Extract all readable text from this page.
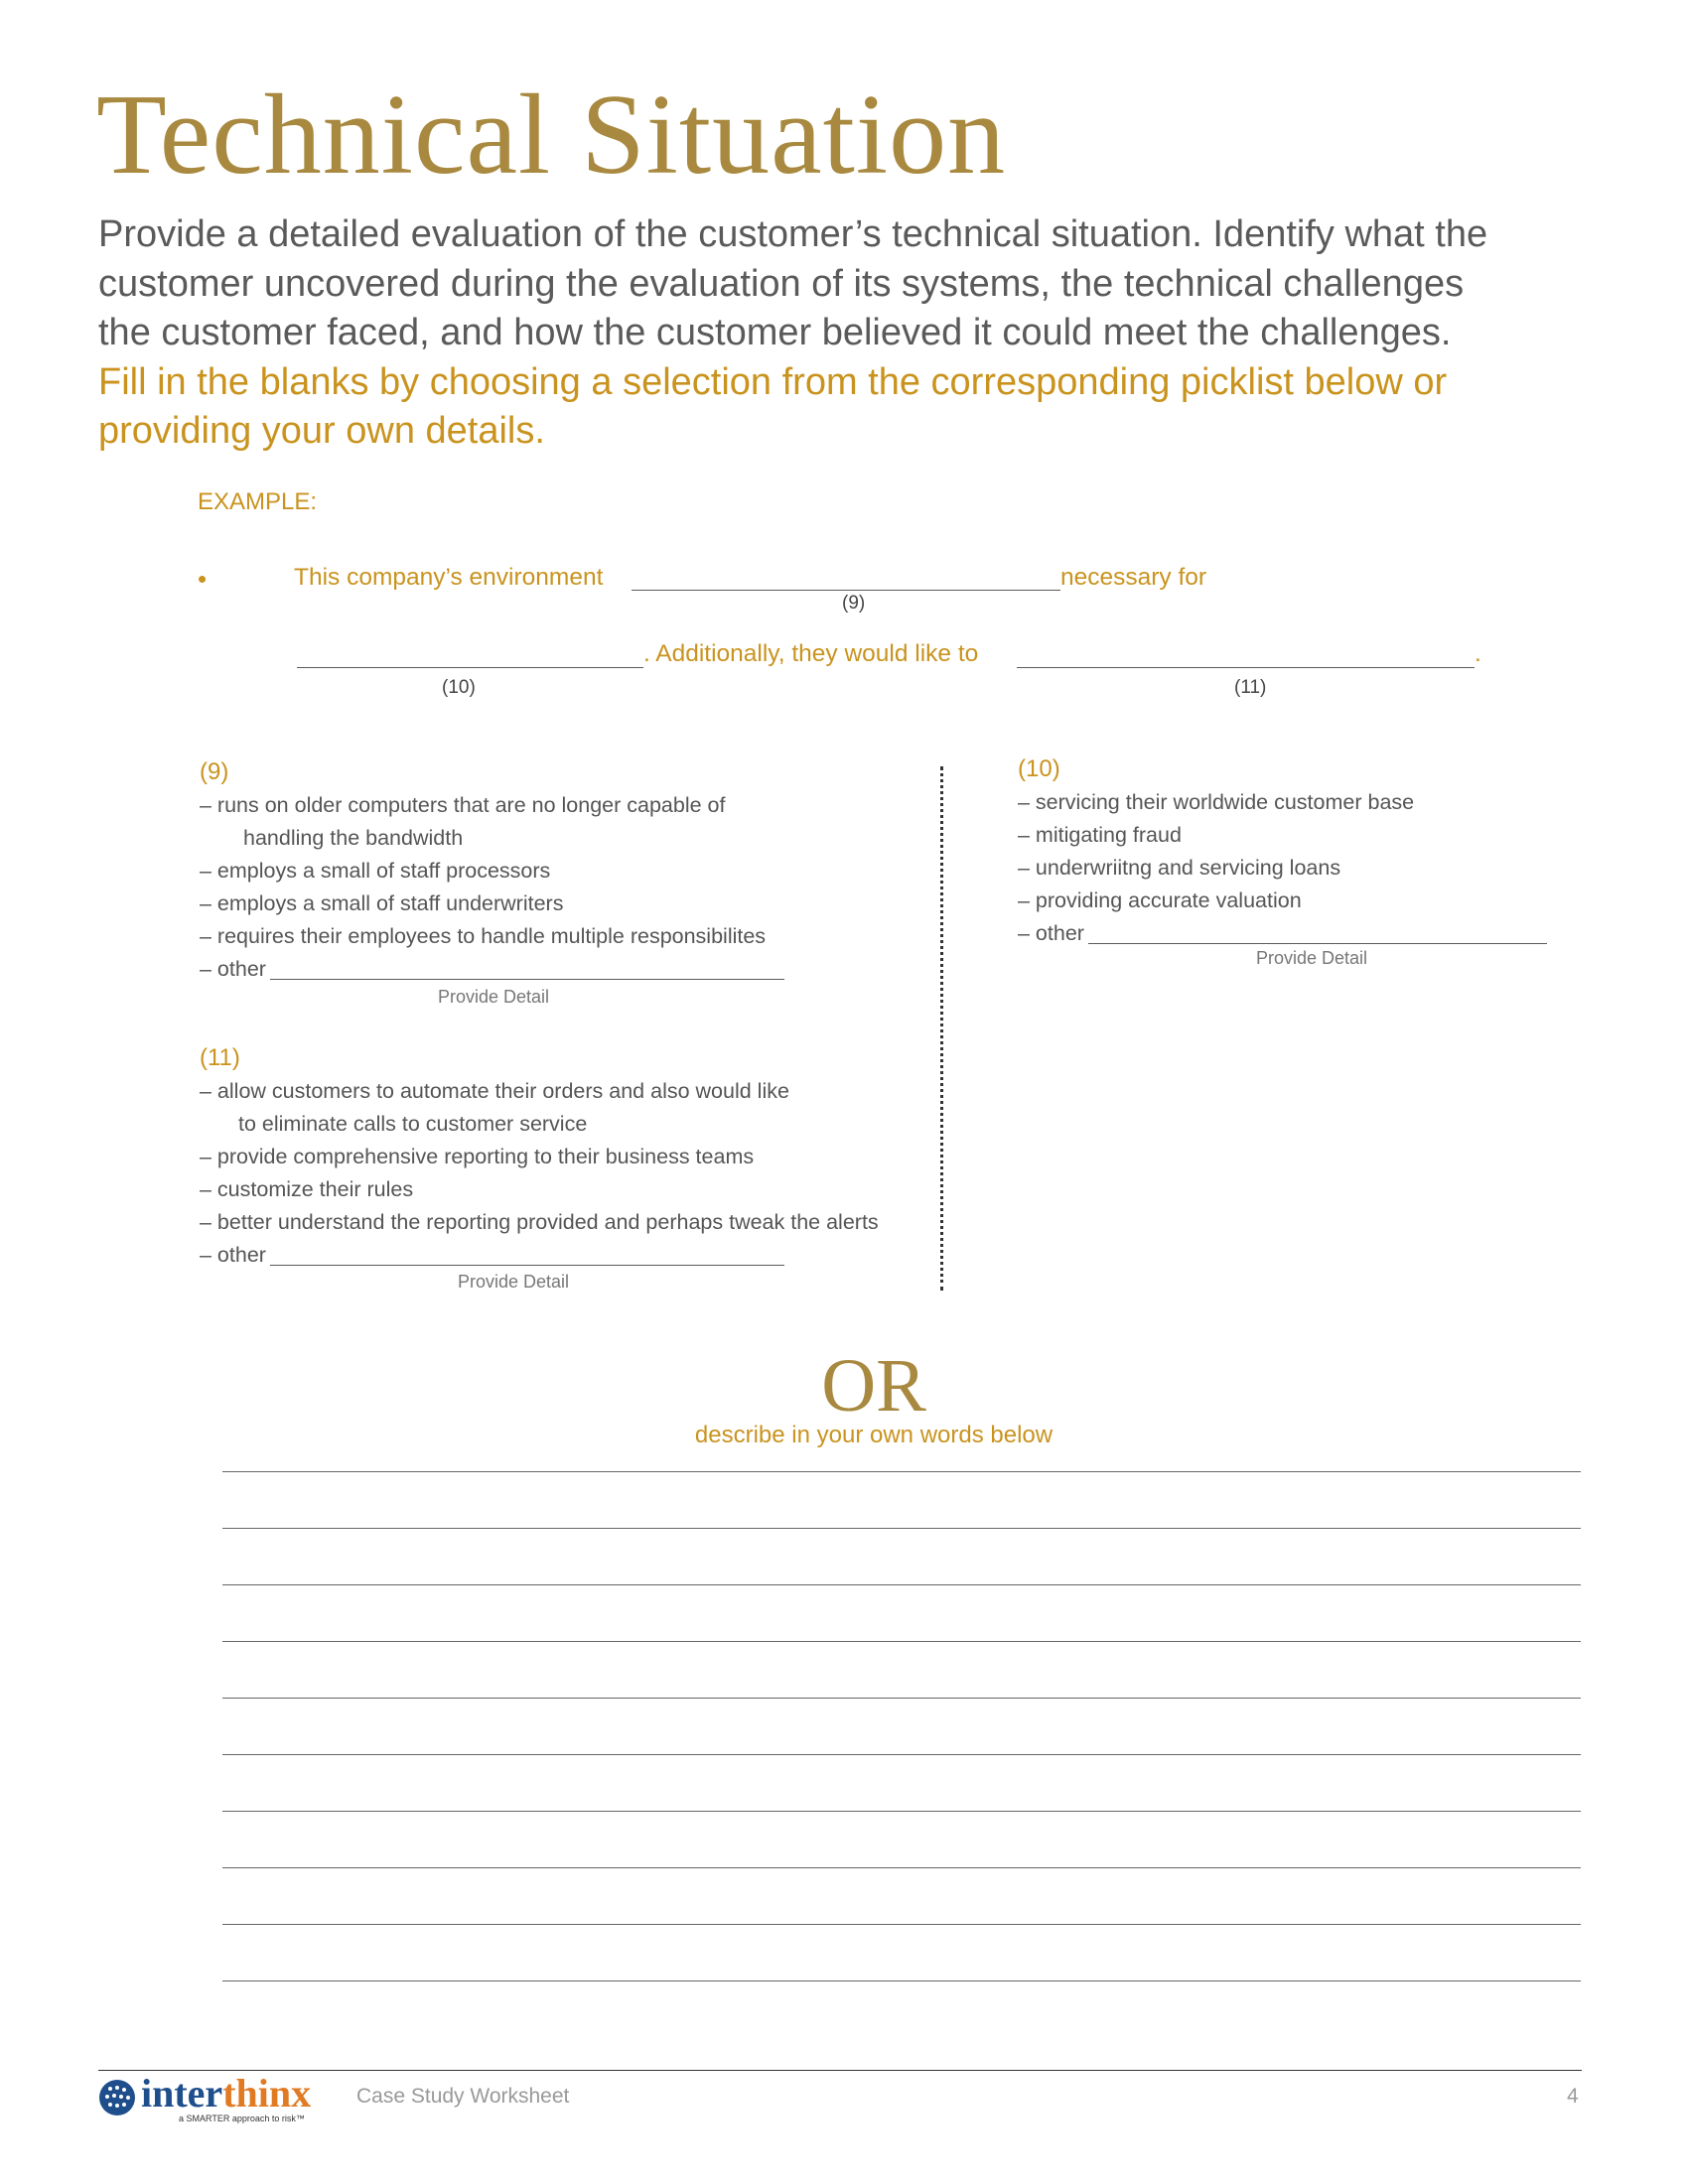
Technical Situation

Provide a detailed evaluation of the customer’s technical situation. Identify what the customer uncovered during the evaluation of its systems, the technical challenges the customer faced, and how the customer believed it could meet the challenges. Fill in the blanks by choosing a selection from the corresponding picklist below or providing your own details.

EXAMPLE:
•	This company’s environment	necessary for
(9)
. Additionally, they would like to	.
(10)	(11)
(9)
– runs on older computers that are no longer capable of
handling the bandwidth
– employs a small of staff processors
– employs a small of staff underwriters
– requires their employees to handle multiple responsibilites
– other
Provide Detail
(11)
– allow customers to automate their orders and also would like
to eliminate calls to customer service
– provide comprehensive reporting to their business teams
– customize their rules
– better understand the reporting provided and perhaps tweak the alerts
– other
Provide Detail
(10)
– servicing their worldwide customer base
– mitigating fraud
– underwriitng and servicing loans
– providing accurate valuation
– other
Provide Detail
OR
describe in your own words below
interthinx
a SMARTER approach to risk™
Case Study Worksheet	4
